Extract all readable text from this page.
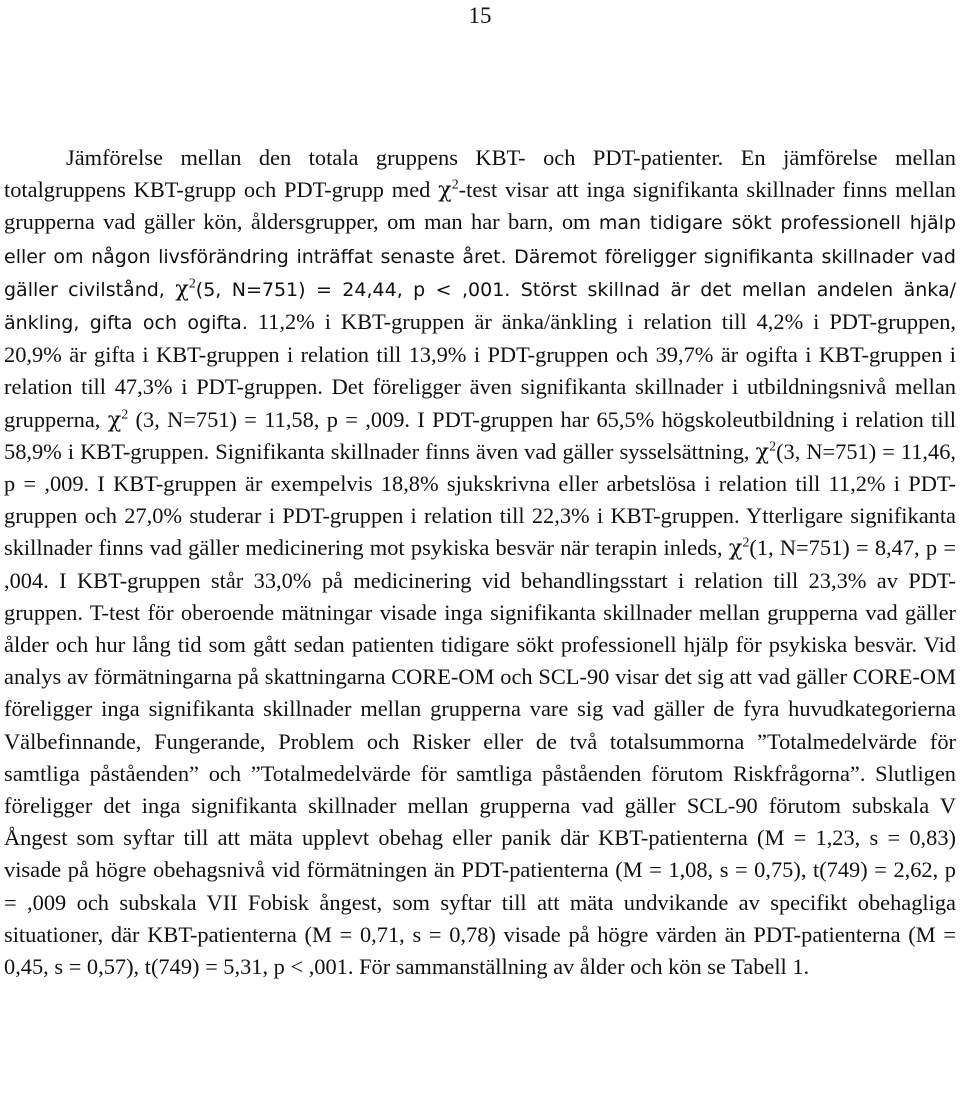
15

Jämförelse mellan den totala gruppens KBT- och PDT-patienter. En jämförelse mellan totalgruppens KBT-grupp och PDT-grupp med $\chi^2$-test visar att inga signifikanta skillnader finns mellan grupperna vad gäller kön, åldersgrupper, om man har barn, om man tidigare sökt professionell hjälp eller om någon livsförändring inträffat senaste året. Däremot föreligger signifikanta skillnader vad gäller civilstånd, $\chi^2(5$, N=751) = 24,44, p < ,001. Störst skillnad är det mellan andelen änka/änkling, gifta och ogifta. 11,2% i KBT-gruppen är änka/änkling i relation till 4,2% i PDT-gruppen, 20,9% är gifta i KBT-gruppen i relation till 13,9% i PDT-gruppen och 39,7% är ogifta i KBT-gruppen i relation till 47,3% i PDT-gruppen. Det föreligger även signifikanta skillnader i utbildningsnivå mellan grupperna, $\chi^2$ (3, N=751) = 11,58, p = ,009. I PDT-gruppen har 65,5% högskoleutbildning i relation till 58,9% i KBT-gruppen. Signifikanta skillnader finns även vad gäller sysselsättning, $\chi^2(3$, N=751) = 11,46, p = ,009. I KBT-gruppen är exempelvis 18,8% sjukskrivna eller arbetslösa i relation till 11,2% i PDT-gruppen och 27,0% studerar i PDT-gruppen i relation till 22,3% i KBT-gruppen. Ytterligare signifikanta skillnader finns vad gäller medicinering mot psykiska besvär när terapin inleds, $\chi^2(1$, N=751) = 8,47, p = ,004. I KBT-gruppen står 33,0% på medicinering vid behandlingsstart i relation till 23,3% av PDT-gruppen. T-test för oberoende mätningar visade inga signifikanta skillnader mellan grupperna vad gäller ålder och hur lång tid som gått sedan patienten tidigare sökt professionell hjälp för psykiska besvär. Vid analys av förmätningarna på skattningarna CORE-OM och SCL-90 visar det sig att vad gäller CORE-OM föreligger inga signifikanta skillnader mellan grupperna vare sig vad gäller de fyra huvudkategorierna Välbefinnande, Fungerande, Problem och Risker eller de två totalsummorna ”Totalmedelvärde för samtliga påståenden” och ”Totalmedelvärde för samtliga påståenden förutom Riskfrågorna”. Slutligen föreligger det inga signifikanta skillnader mellan grupperna vad gäller SCL-90 förutom subskala V Ångest som syftar till att mäta upplevt obehag eller panik där KBT-patienterna (M = 1,23, s = 0,83) visade på högre obehagsnivå vid förmätningen än PDT-patienterna (M = 1,08, s = 0,75), t(749) = 2,62, p = ,009 och subskala VII Fobisk ångest, som syftar till att mäta undvikande av specifikt obehagliga situationer, där KBT-patienterna (M = 0,71, s = 0,78) visade på högre värden än PDT-patienterna (M = 0,45, s = 0,57), t(749) = 5,31, p < ,001. För sammanställning av ålder och kön se Tabell 1.
